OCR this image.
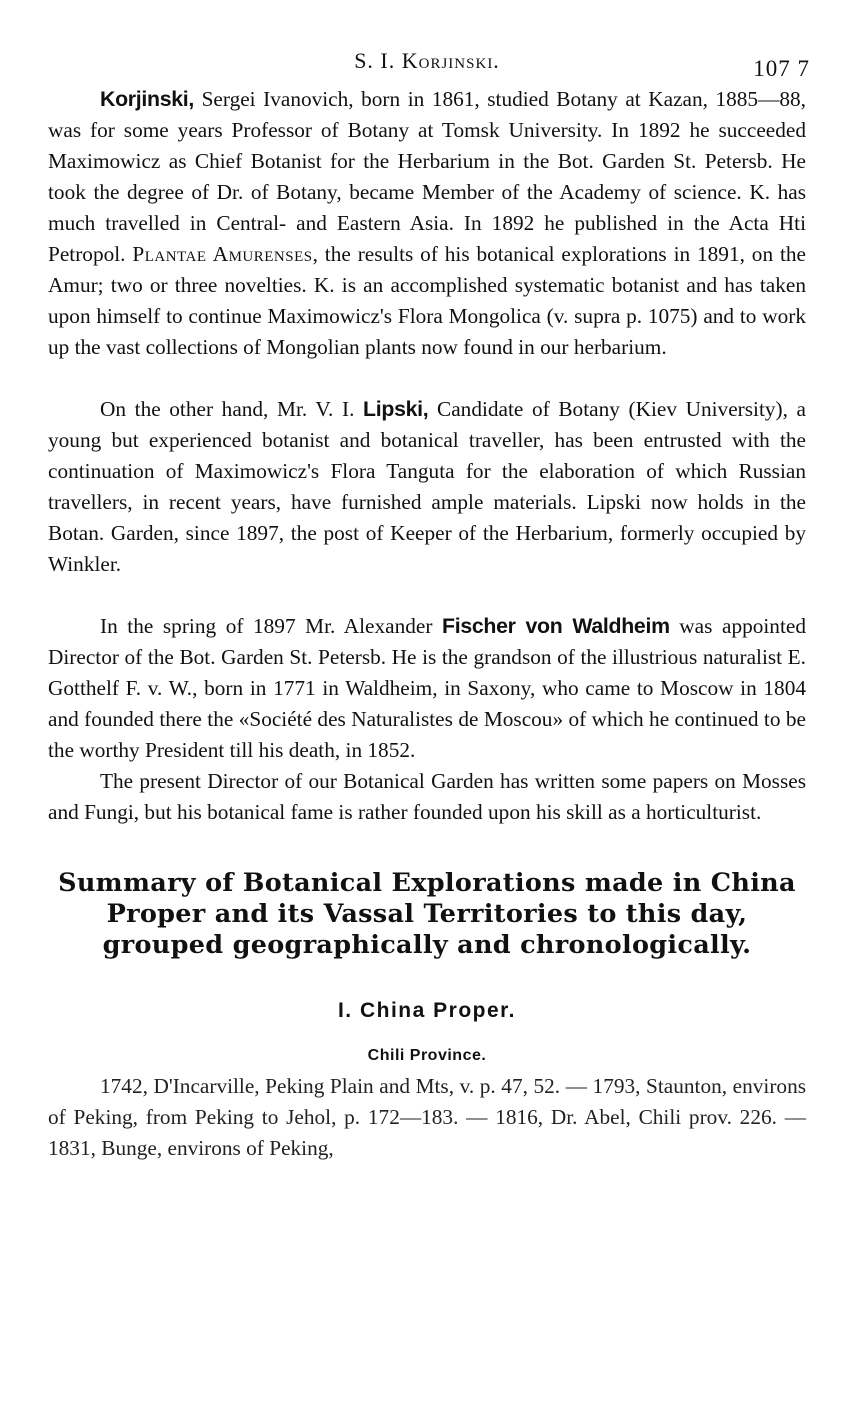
S. I. Korjinski.	107 7

Korjinski, Sergei Ivanovich, born in 1861, studied Botany at Kazan, 1885—88, was for some years Professor of Botany at Tomsk University. In 1892 he succeeded Maximowicz as Chief Botanist for the Herbarium in the Bot. Garden St. Petersb. He took the degree of Dr. of Botany, became Member of the Academy of science. K. has much travelled in Central- and Eastern Asia. In 1892 he published in the Acta Hti Petropol. Plantae Amurenses, the results of his botanical explorations in 1891, on the Amur; two or three novelties. K. is an accomplished systematic botanist and has taken upon himself to continue Maximowicz's Flora Mongolica (v. supra p. 1075) and to work up the vast collections of Mongolian plants now found in our herbarium.

On the other hand, Mr. V. I. Lipski, Candidate of Botany (Kiev University), a young but experienced botanist and botanical traveller, has been entrusted with the continuation of Maximowicz's Flora Tanguta for the elaboration of which Russian travellers, in recent years, have furnished ample materials. Lipski now holds in the Botan. Garden, since 1897, the post of Keeper of the Herbarium, formerly occupied by Winkler.

In the spring of 1897 Mr. Alexander Fischer von Waldheim was appointed Director of the Bot. Garden St. Petersb. He is the grandson of the illustrious naturalist E. Gotthelf F. v. W., born in 1771 in Waldheim, in Saxony, who came to Moscow in 1804 and founded there the «Société des Naturalistes de Moscou» of which he continued to be the worthy President till his death, in 1852.

The present Director of our Botanical Garden has written some papers on Mosses and Fungi, but his botanical fame is rather founded upon his skill as a horticulturist.

Summary of Botanical Explorations made in China Proper and its Vassal Territories to this day, grouped geographically and chronologically.
I. China Proper.
Chili Province.

1742, D'Incarville, Peking Plain and Mts, v. p. 47, 52. — 1793, Staunton, environs of Peking, from Peking to Jehol, p. 172—183. — 1816, Dr. Abel, Chili prov. 226. — 1831, Bunge, environs of Peking,
